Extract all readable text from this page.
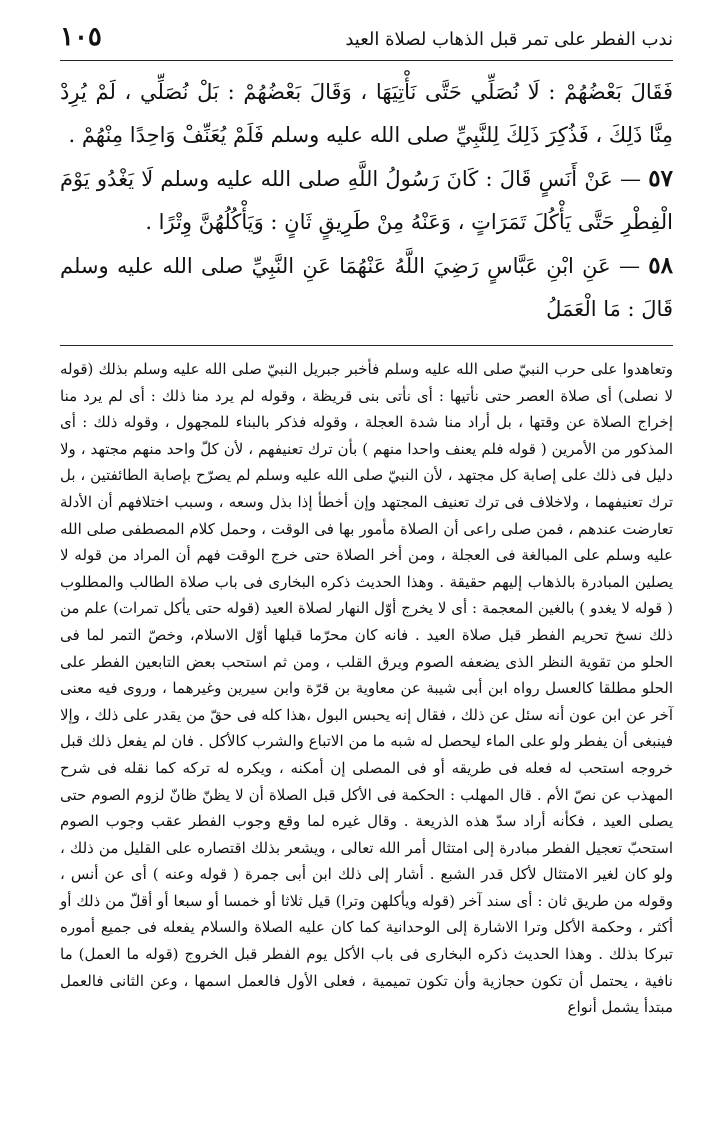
ندب الفطر على تمر قبل الذهاب لصلاة العيد
١٠٥

فَقَالَ بَعْضُهُمْ : لَا نُصَلِّي حَتَّى نَأْتِيَهَا ، وَقَالَ بَعْضُهُمْ : بَلْ نُصَلِّي ، لَمْ يُرِدْ مِنَّا ذَلِكَ ، فَذُكِرَ ذَلِكَ لِلنَّبِيِّ صلى الله عليه وسلم فَلَمْ يُعَنِّفْ وَاحِدًا مِنْهُمْ .

٥٧ — عَنْ أَنَسٍ قَالَ : كَانَ رَسُولُ اللَّهِ صلى الله عليه وسلم لَا يَغْدُو يَوْمَ الْفِطْرِ حَتَّى يَأْكُلَ تَمَرَاتٍ ، وَعَنْهُ مِنْ طَرِيقٍ ثَانٍ : وَيَأْكُلُهُنَّ وِتْرًا .

٥٨ — عَنِ ابْنِ عَبَّاسٍ رَضِيَ اللَّهُ عَنْهُمَا عَنِ النَّبِيِّ صلى الله عليه وسلم قَالَ : مَا الْعَمَلُ

وتعاهدوا على حرب النبيّ صلى الله عليه وسلم فأخبر جبريل النبيّ صلى الله عليه وسلم بذلك (قوله لا نصلى) أى صلاة العصر حتى نأتيها : أى نأتى بنى قريظة ، وقوله لم يرد منا ذلك : أى لم يرد منا إخراج الصلاة عن وقتها ، بل أراد منا شدة العجلة ، وقوله فذكر بالبناء للمجهول ، وقوله ذلك : أى المذكور من الأمرين ( قوله فلم يعنف واحدا منهم ) بأن ترك تعنيفهم ، لأن كلّ واحد منهم مجتهد ، ولا دليل فى ذلك على إصابة كل مجتهد ، لأن النبيّ صلى الله عليه وسلم لم يصرّح بإصابة الطائفتين ، بل ترك تعنيفهما ، ولاخلاف فى ترك تعنيف المجتهد وإن أخطأ إذا بذل وسعه ، وسبب اختلافهم أن الأدلة تعارضت عندهم ، فمن صلى راعى أن الصلاة مأمور بها فى الوقت ، وحمل كلام المصطفى صلى الله عليه وسلم على المبالغة فى العجلة ، ومن أخر الصلاة حتى خرج الوقت فهم أن المراد من قوله لا يصلين المبادرة بالذهاب إليهم حقيقة . وهذا الحديث ذكره البخارى فى باب صلاة الطالب والمطلوب ( قوله لا يغدو ) بالغين المعجمة : أى لا يخرج أوّل النهار لصلاة العيد (قوله حتى يأكل تمرات) علم من ذلك نسخ تحريم الفطر قبل صلاة العيد . فانه كان محرّما قبلها أوّل الاسلام، وخصّ التمر لما فى الحلو من تقوية النظر الذى يضعفه الصوم ويرق القلب ، ومن ثم استحب بعض التابعين الفطر على الحلو مطلقا كالعسل رواه ابن أبى شيبة عن معاوية بن قرّة وابن سيرين وغيرهما ، وروى فيه معنى آخر عن ابن عون أنه سئل عن ذلك ، فقال إنه يحبس البول ،هذا كله فى حقّ من يقدر على ذلك ، وإلا فينبغى أن يفطر ولو على الماء ليحصل له شبه ما من الاتباع والشرب كالأكل . فان لم يفعل ذلك قبل خروجه استحب له فعله فى طريقه أو فى المصلى إن أمكنه ، ويكره له تركه كما نقله فى شرح المهذب عن نصّ الأم . قال المهلب : الحكمة فى الأكل قبل الصلاة أن لا يظنّ ظانّ لزوم الصوم حتى يصلى العيد ، فكأنه أراد سدّ هذه الذريعة . وقال غيره لما وقع وجوب الفطر عقب وجوب الصوم استحبّ تعجيل الفطر مبادرة إلى امتثال أمر الله تعالى ، ويشعر بذلك اقتصاره على القليل من ذلك ، ولو كان لغير الامتثال لأكل قدر الشبع . أشار إلى ذلك ابن أبى جمرة ( قوله وعنه ) أى عن أنس ، وقوله من طريق ثان : أى سند آخر (قوله ويأكلهن وترا) قيل ثلاثا أو خمسا أو سبعا أو أقلّ من ذلك أو أكثر ، وحكمة الأكل وترا الاشارة إلى الوحدانية كما كان عليه الصلاة والسلام يفعله فى جميع أموره تبركا بذلك . وهذا الحديث ذكره البخارى فى باب الأكل يوم الفطر قبل الخروج (قوله ما العمل) ما نافية ، يحتمل أن تكون حجازية وأن تكون تميمية ، فعلى الأول فالعمل اسمها ، وعن الثانى فالعمل مبتدأ يشمل أنواع
